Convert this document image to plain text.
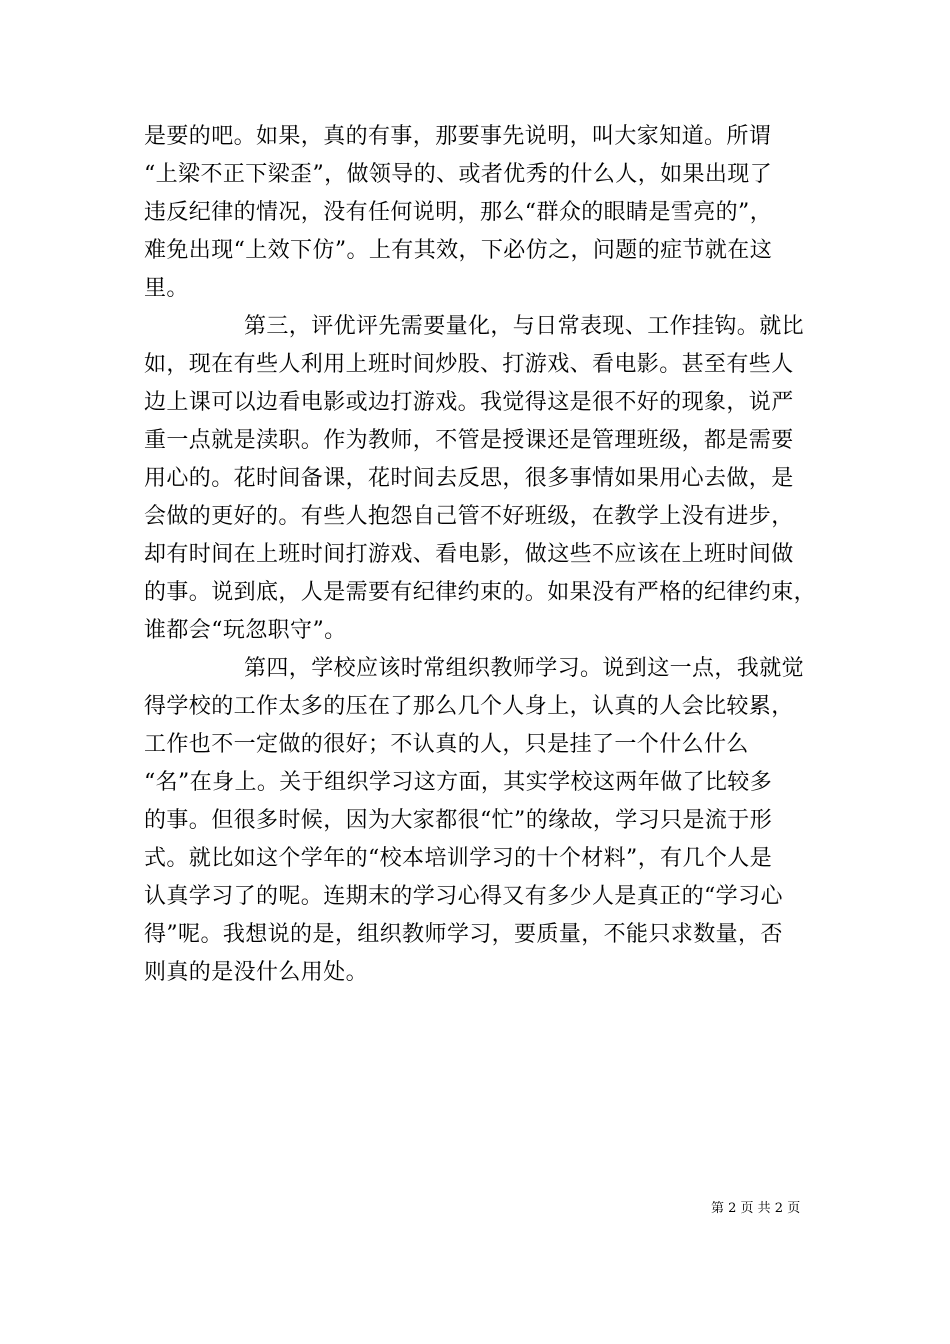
是要的吧。如果，真的有事，那要事先说明，叫大家知道。所谓
“上梁不正下梁歪”，做领导的、或者优秀的什么人，如果出现了
违反纪律的情况，没有任何说明，那么“群众的眼睛是雪亮的”，
难免出现“上效下仿”。上有其效，下必仿之，问题的症节就在这
里。
第三，评优评先需要量化，与日常表现、工作挂钩。就比
如，现在有些人利用上班时间炒股、打游戏、看电影。甚至有些人
边上课可以边看电影或边打游戏。我觉得这是很不好的现象，说严
重一点就是渎职。作为教师，不管是授课还是管理班级，都是需要
用心的。花时间备课，花时间去反思，很多事情如果用心去做，是
会做的更好的。有些人抱怨自己管不好班级，在教学上没有进步，
却有时间在上班时间打游戏、看电影，做这些不应该在上班时间做
的事。说到底，人是需要有纪律约束的。如果没有严格的纪律约束，
谁都会“玩忽职守”。
第四，学校应该时常组织教师学习。说到这一点，我就觉
得学校的工作太多的压在了那么几个人身上，认真的人会比较累，
工作也不一定做的很好；不认真的人，只是挂了一个什么什么
“名”在身上。关于组织学习这方面，其实学校这两年做了比较多
的事。但很多时候，因为大家都很“忙”的缘故，学习只是流于形
式。就比如这个学年的“校本培训学习的十个材料”，有几个人是
认真学习了的呢。连期末的学习心得又有多少人是真正的“学习心
得”呢。我想说的是，组织教师学习，要质量，不能只求数量，否
则真的是没什么用处。
第 2 页 共 2 页
